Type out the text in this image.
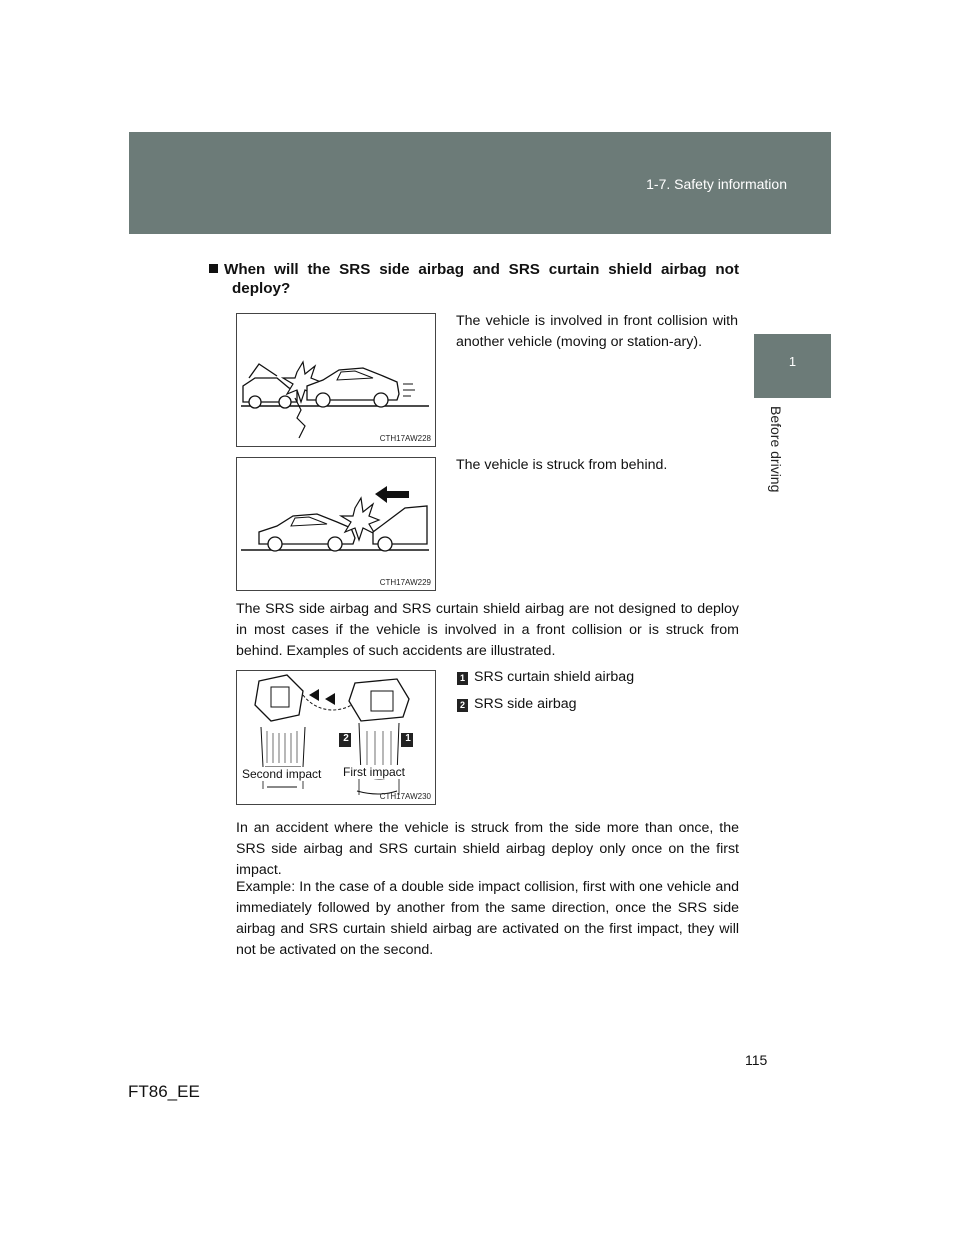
1-7. Safety information
1
Before driving
When will the SRS side airbag and SRS curtain shield airbag not
deploy?
CTH17AW228
The vehicle is involved in front collision with another vehicle (moving or station-ary).
CTH17AW229
The vehicle is struck from behind.
The SRS side airbag and SRS curtain shield airbag are not designed to deploy in most cases if the vehicle is involved in a front collision or is struck from behind. Examples of such accidents are illustrated.
2	1
Second impact First impact
CTH17AW230
1 SRS curtain shield airbag
2 SRS side airbag
In an accident where the vehicle is struck from the side more than once, the SRS side airbag and SRS curtain shield airbag deploy only once on the first impact.
Example: In the case of a double side impact collision, first with one vehicle and immediately followed by another from the same direction, once the SRS side airbag and SRS curtain shield airbag are activated on the first impact, they will not be activated on the second.
115
FT86_EE
